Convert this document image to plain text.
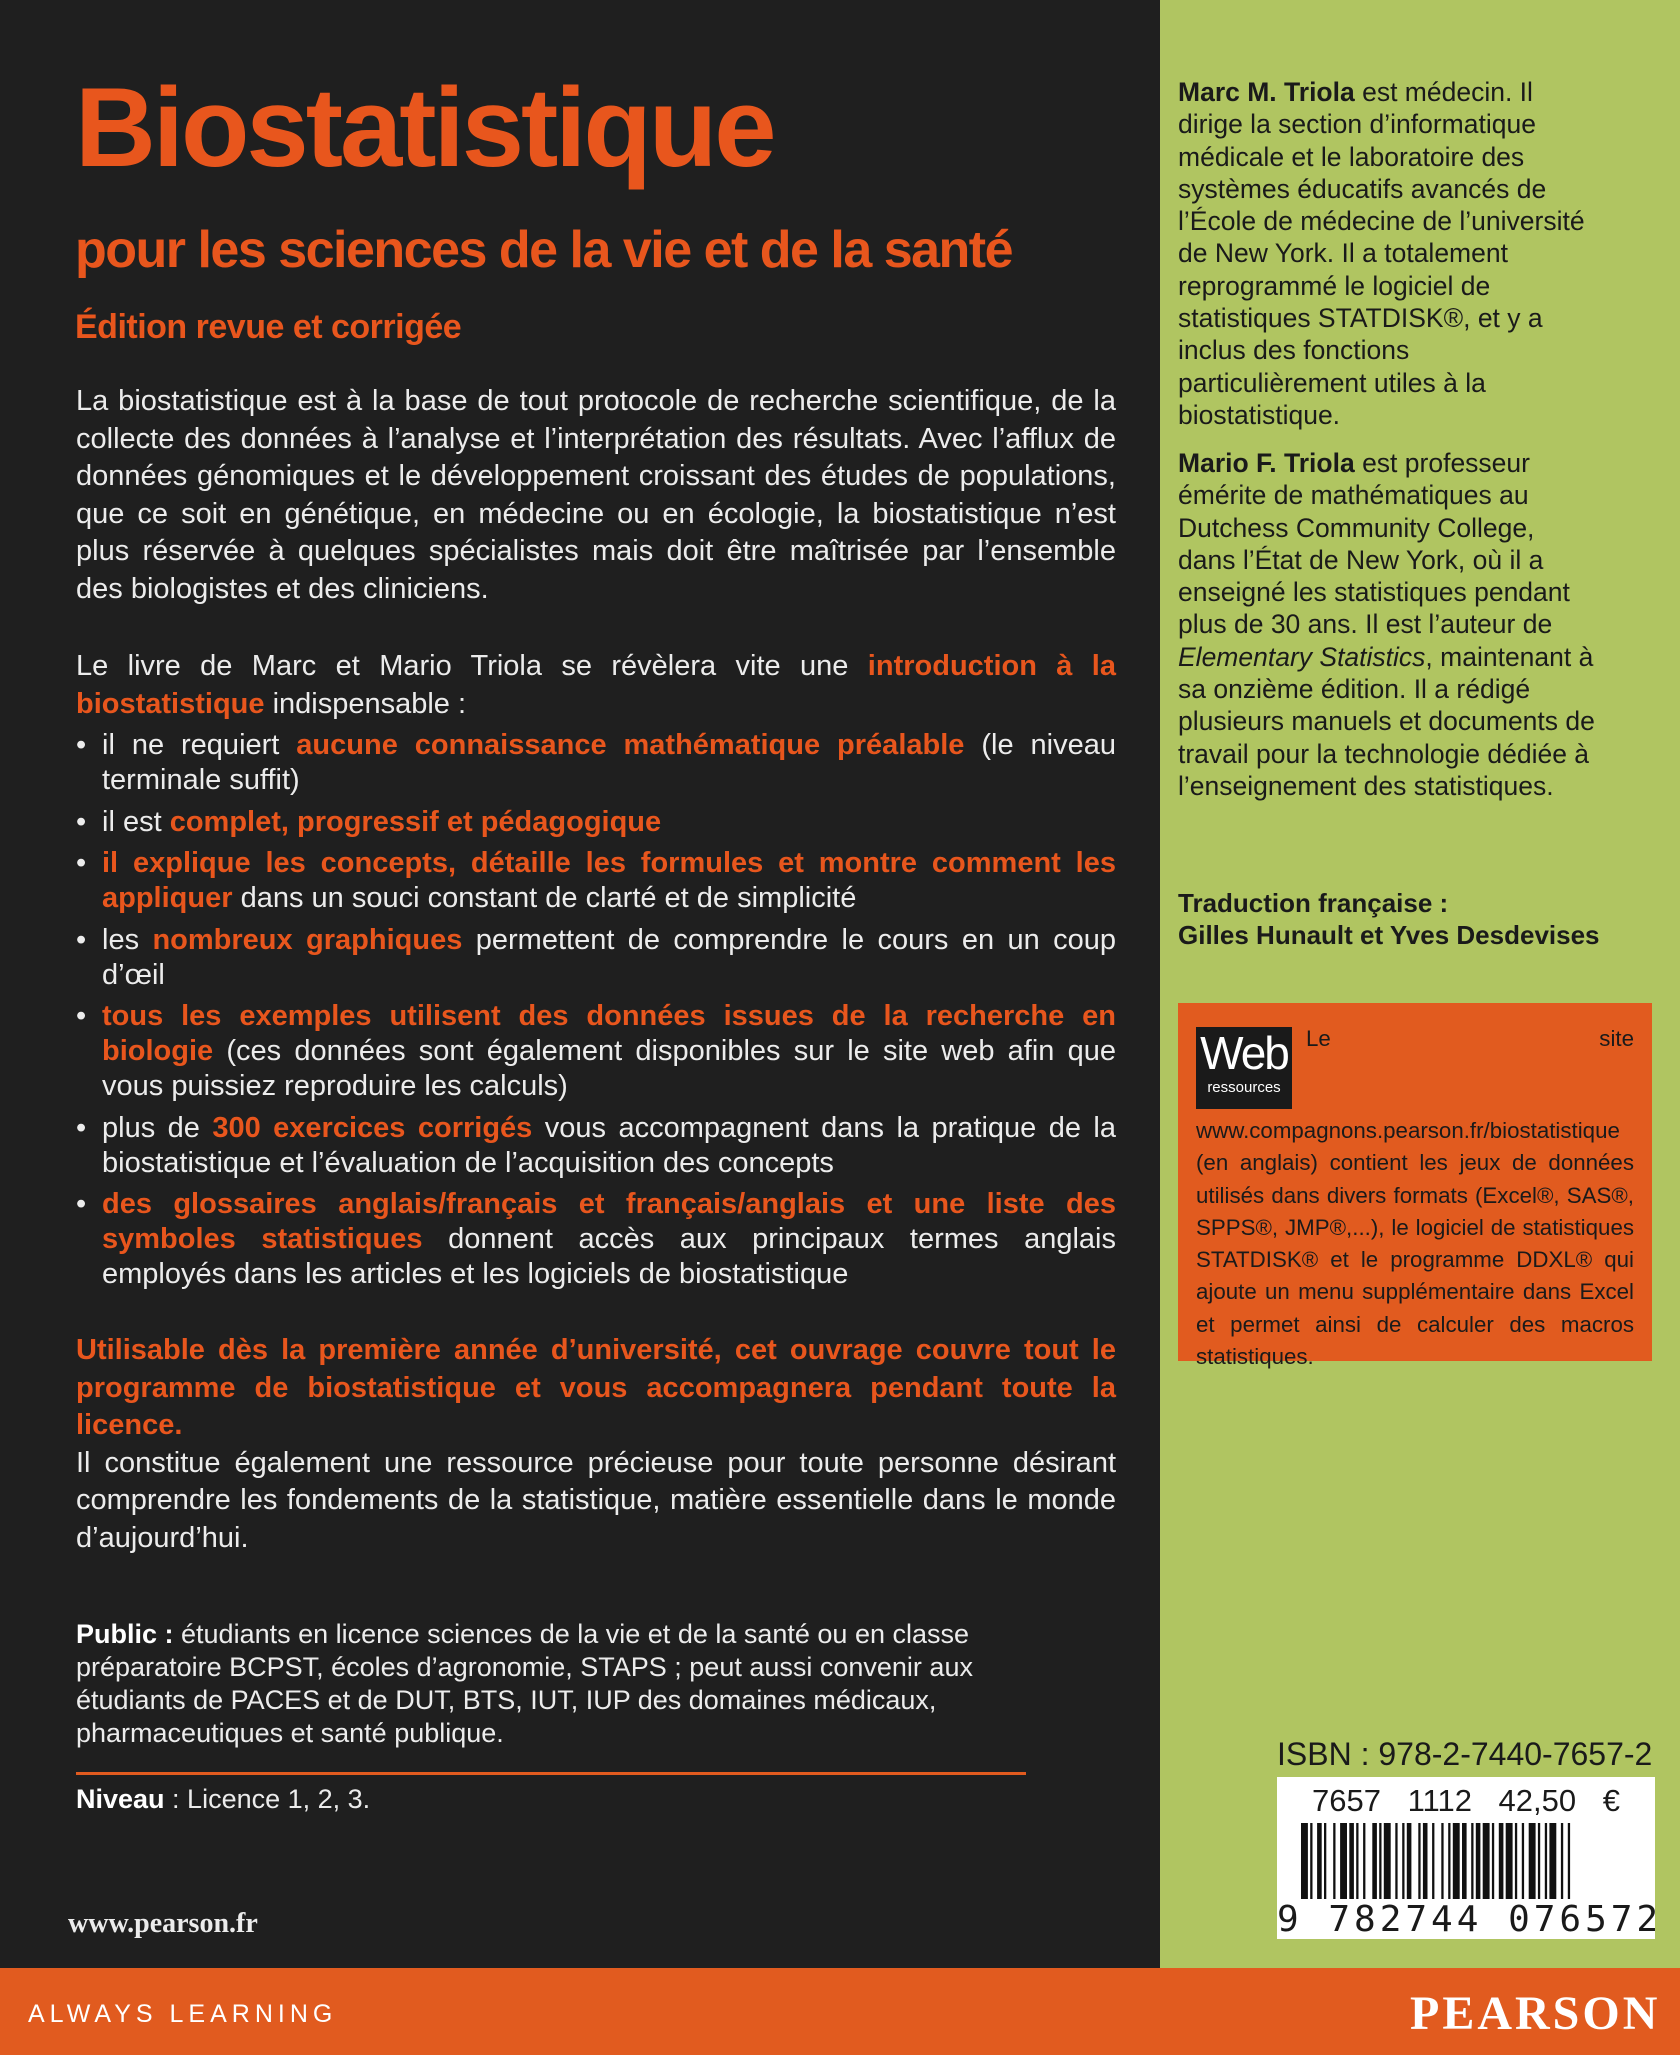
Biostatistique
pour les sciences de la vie et de la santé
Édition revue et corrigée
La biostatistique est à la base de tout protocole de recherche scientifique, de la collecte des données à l’analyse et l’interprétation des résultats. Avec l’afflux de données génomiques et le développement croissant des études de populations, que ce soit en génétique, en médecine ou en écologie, la biostatistique n’est plus réservée à quelques spécialistes mais doit être maîtrisée par l’ensemble des biologistes et des cliniciens.
Le livre de Marc et Mario Triola se révèlera vite une introduction à la biostatistique indispensable :
• il ne requiert aucune connaissance mathématique préalable (le niveau terminale suffit)
• il est complet, progressif et pédagogique
• il explique les concepts, détaille les formules et montre comment les appliquer dans un souci constant de clarté et de simplicité
• les nombreux graphiques permettent de comprendre le cours en un coup d’œil
• tous les exemples utilisent des données issues de la recherche en biologie (ces données sont également disponibles sur le site web afin que vous puissiez reproduire les calculs)
• plus de 300 exercices corrigés vous accompagnent dans la pratique de la biostatistique et l’évaluation de l’acquisition des concepts
• des glossaires anglais/français et français/anglais et une liste des symboles statistiques donnent accès aux principaux termes anglais employés dans les articles et les logiciels de biostatistique
Utilisable dès la première année d’université, cet ouvrage couvre tout le programme de biostatistique et vous accompagnera pendant toute la licence.
Il constitue également une ressource précieuse pour toute personne désirant comprendre les fondements de la statistique, matière essentielle dans le monde d’aujourd’hui.
Public : étudiants en licence sciences de la vie et de la santé ou en classe préparatoire BCPST, écoles d’agronomie, STAPS ; peut aussi convenir aux étudiants de PACES et de DUT, BTS, IUT, IUP des domaines médicaux, pharmaceutiques et santé publique.
Niveau : Licence 1, 2, 3.
www.pearson.fr
Marc M. Triola est médecin. Il dirige la section d’informatique médicale et le laboratoire des systèmes éducatifs avancés de l’École de médecine de l’université de New York. Il a totalement reprogrammé le logiciel de statistiques STATDISK®, et y a inclus des fonctions particulièrement utiles à la biostatistique.
Mario F. Triola est professeur émérite de mathématiques au Dutchess Community College, dans l’État de New York, où il a enseigné les statistiques pendant plus de 30 ans. Il est l’auteur de Elementary Statistics, maintenant à sa onzième édition. Il a rédigé plusieurs manuels et documents de travail pour la technologie dédiée à l’enseignement des statistiques.
Traduction française :
Gilles Hunault et Yves Desdevises
Web
ressources
Le site www.compagnons.pearson.fr/biostatistique (en anglais) contient les jeux de données utilisés dans divers formats (Excel®, SAS®, SPPS®, JMP®,...), le logiciel de statistiques STATDISK® et le programme DDXL® qui ajoute un menu supplémentaire dans Excel et permet ainsi de calculer des macros statistiques.
ISBN : 978-2-7440-7657-2
7657 1112 42,50 €
9 782744 076572
ALWAYS LEARNING	PEARSON
